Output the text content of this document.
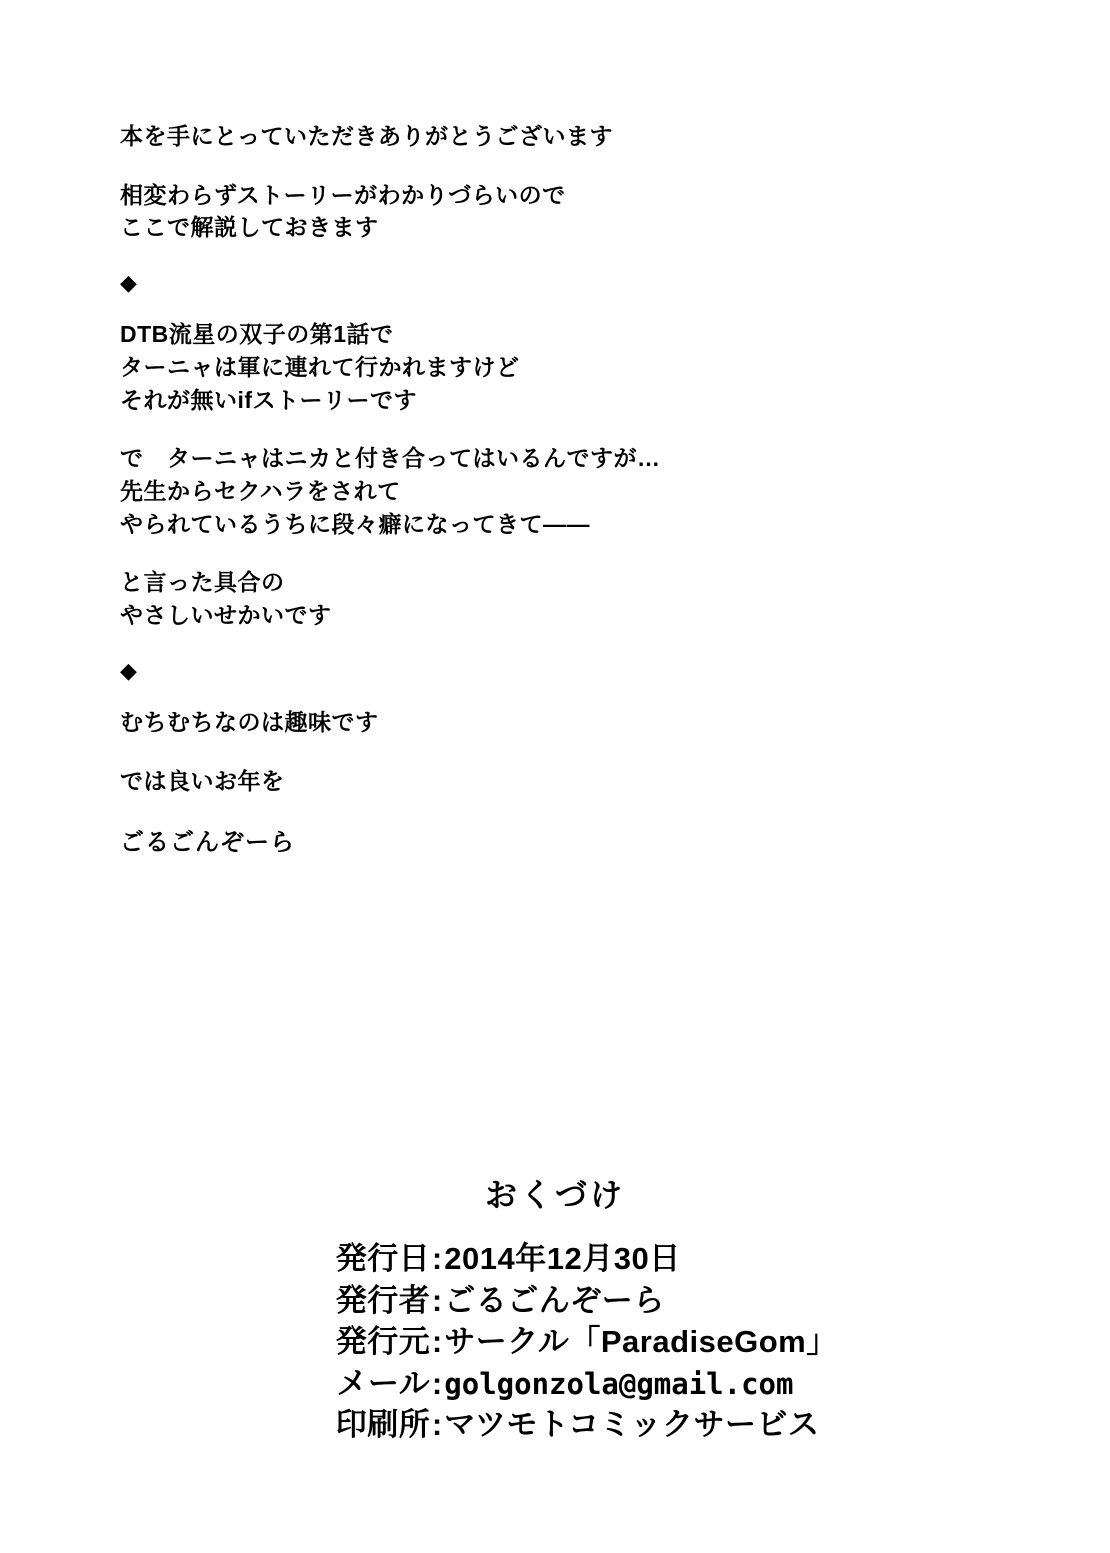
本を手にとっていただきありがとうございます
相変わらずストーリーがわかりづらいので
ここで解説しておきます
◆
DTB流星の双子の第1話で
ターニャは軍に連れて行かれますけど
それが無いifストーリーです
で　ターニャはニカと付き合ってはいるんですが…
先生からセクハラをされて
やられているうちに段々癖になってきて——
と言った具合の
やさしいせかいです
◆
むちむちなのは趣味です
では良いお年を
ごるごんぞーら
おくづけ
発行日 : 2014年12月30日
発行者 : ごるごんぞーら
発行元 : サークル「ParadiseGom」
メール : golgonzola@gmail.com
印刷所 : マツモトコミックサービス
